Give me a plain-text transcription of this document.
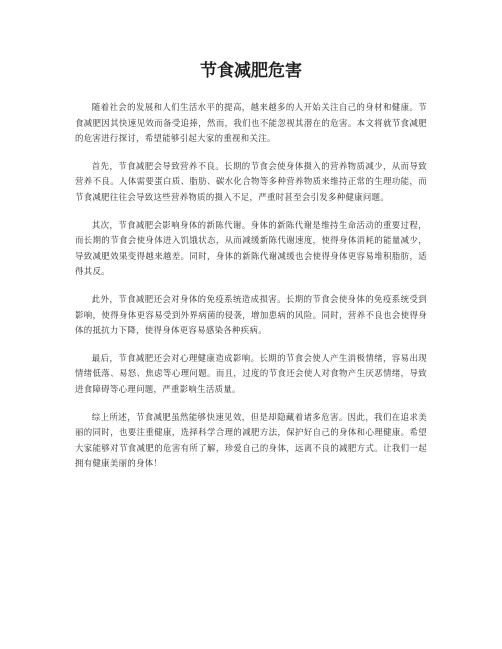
节食减肥危害

随着社会的发展和人们生活水平的提高，越来越多的人开始关注自己的身材和健康。节食减肥因其快速见效而备受追捧，然而，我们也不能忽视其潜在的危害。本文将就节食减肥的危害进行探讨，希望能够引起大家的重视和关注。

首先，节食减肥会导致营养不良。长期的节食会使身体摄入的营养物质减少，从而导致营养不良。人体需要蛋白质、脂肪、碳水化合物等多种营养物质来维持正常的生理功能，而节食减肥往往会导致这些营养物质的摄入不足，严重时甚至会引发多种健康问题。

其次，节食减肥会影响身体的新陈代谢。身体的新陈代谢是维持生命活动的重要过程，而长期的节食会使身体进入饥饿状态，从而减缓新陈代谢速度，使得身体消耗的能量减少，导致减肥效果变得越来越差。同时，身体的新陈代谢减缓也会使得身体更容易堆积脂肪，适得其反。

此外，节食减肥还会对身体的免疫系统造成损害。长期的节食会使身体的免疫系统受到影响，使得身体更容易受到外界病菌的侵袭，增加患病的风险。同时，营养不良也会使得身体的抵抗力下降，使得身体更容易感染各种疾病。

最后，节食减肥还会对心理健康造成影响。长期的节食会使人产生消极情绪，容易出现情绪低落、易怒、焦虑等心理问题。而且，过度的节食还会使人对食物产生厌恶情绪，导致进食障碍等心理问题，严重影响生活质量。

综上所述，节食减肥虽然能够快速见效，但是却隐藏着诸多危害。因此，我们在追求美丽的同时，也要注重健康，选择科学合理的减肥方法，保护好自己的身体和心理健康。希望大家能够对节食减肥的危害有所了解，珍爱自己的身体，远离不良的减肥方式。让我们一起拥有健康美丽的身体！
